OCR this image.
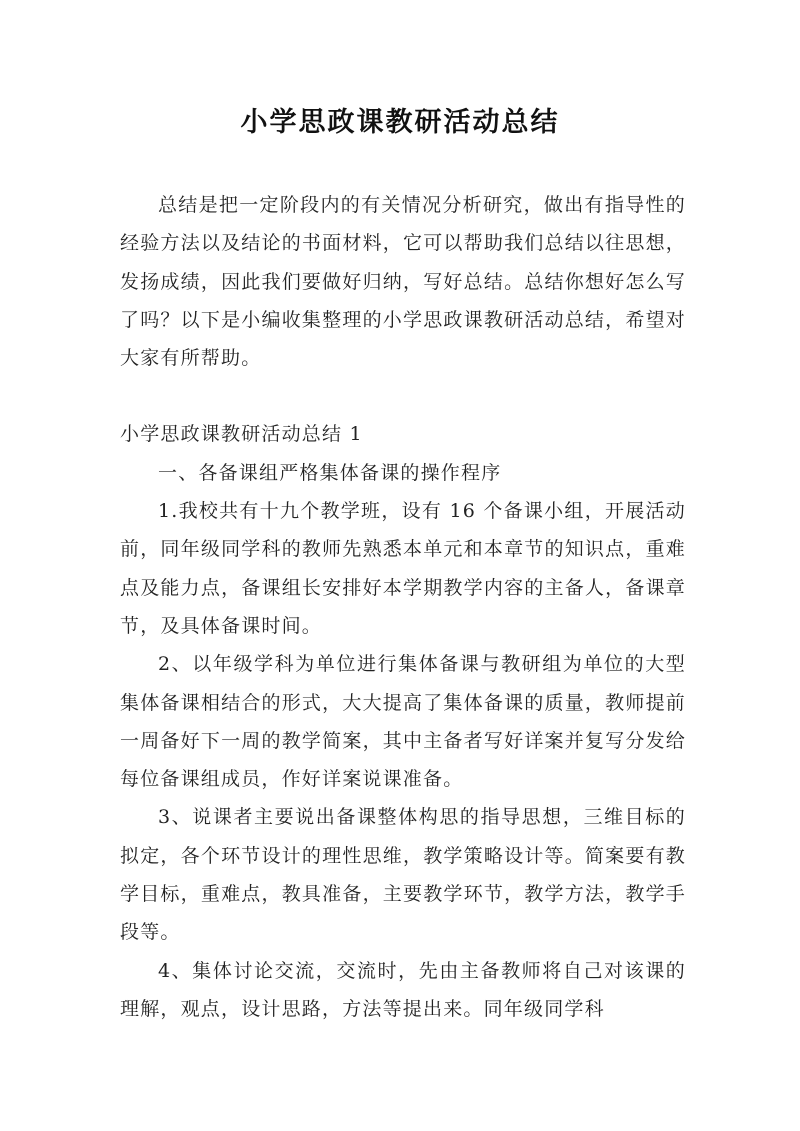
小学思政课教研活动总结

总结是把一定阶段内的有关情况分析研究，做出有指导性的经验方法以及结论的书面材料，它可以帮助我们总结以往思想，发扬成绩，因此我们要做好归纳，写好总结。总结你想好怎么写了吗？以下是小编收集整理的小学思政课教研活动总结，希望对大家有所帮助。

小学思政课教研活动总结 1

一、各备课组严格集体备课的操作程序

1.我校共有十九个教学班，设有 16 个备课小组，开展活动前，同年级同学科的教师先熟悉本单元和本章节的知识点，重难点及能力点，备课组长安排好本学期教学内容的主备人，备课章节，及具体备课时间。

2、以年级学科为单位进行集体备课与教研组为单位的大型集体备课相结合的形式，大大提高了集体备课的质量，教师提前一周备好下一周的教学简案，其中主备者写好详案并复写分发给每位备课组成员，作好详案说课准备。

3、说课者主要说出备课整体构思的指导思想，三维目标的拟定，各个环节设计的理性思维，教学策略设计等。简案要有教学目标，重难点，教具准备，主要教学环节，教学方法，教学手段等。

4、集体讨论交流，交流时，先由主备教师将自己对该课的理解，观点，设计思路，方法等提出来。同年级同学科
